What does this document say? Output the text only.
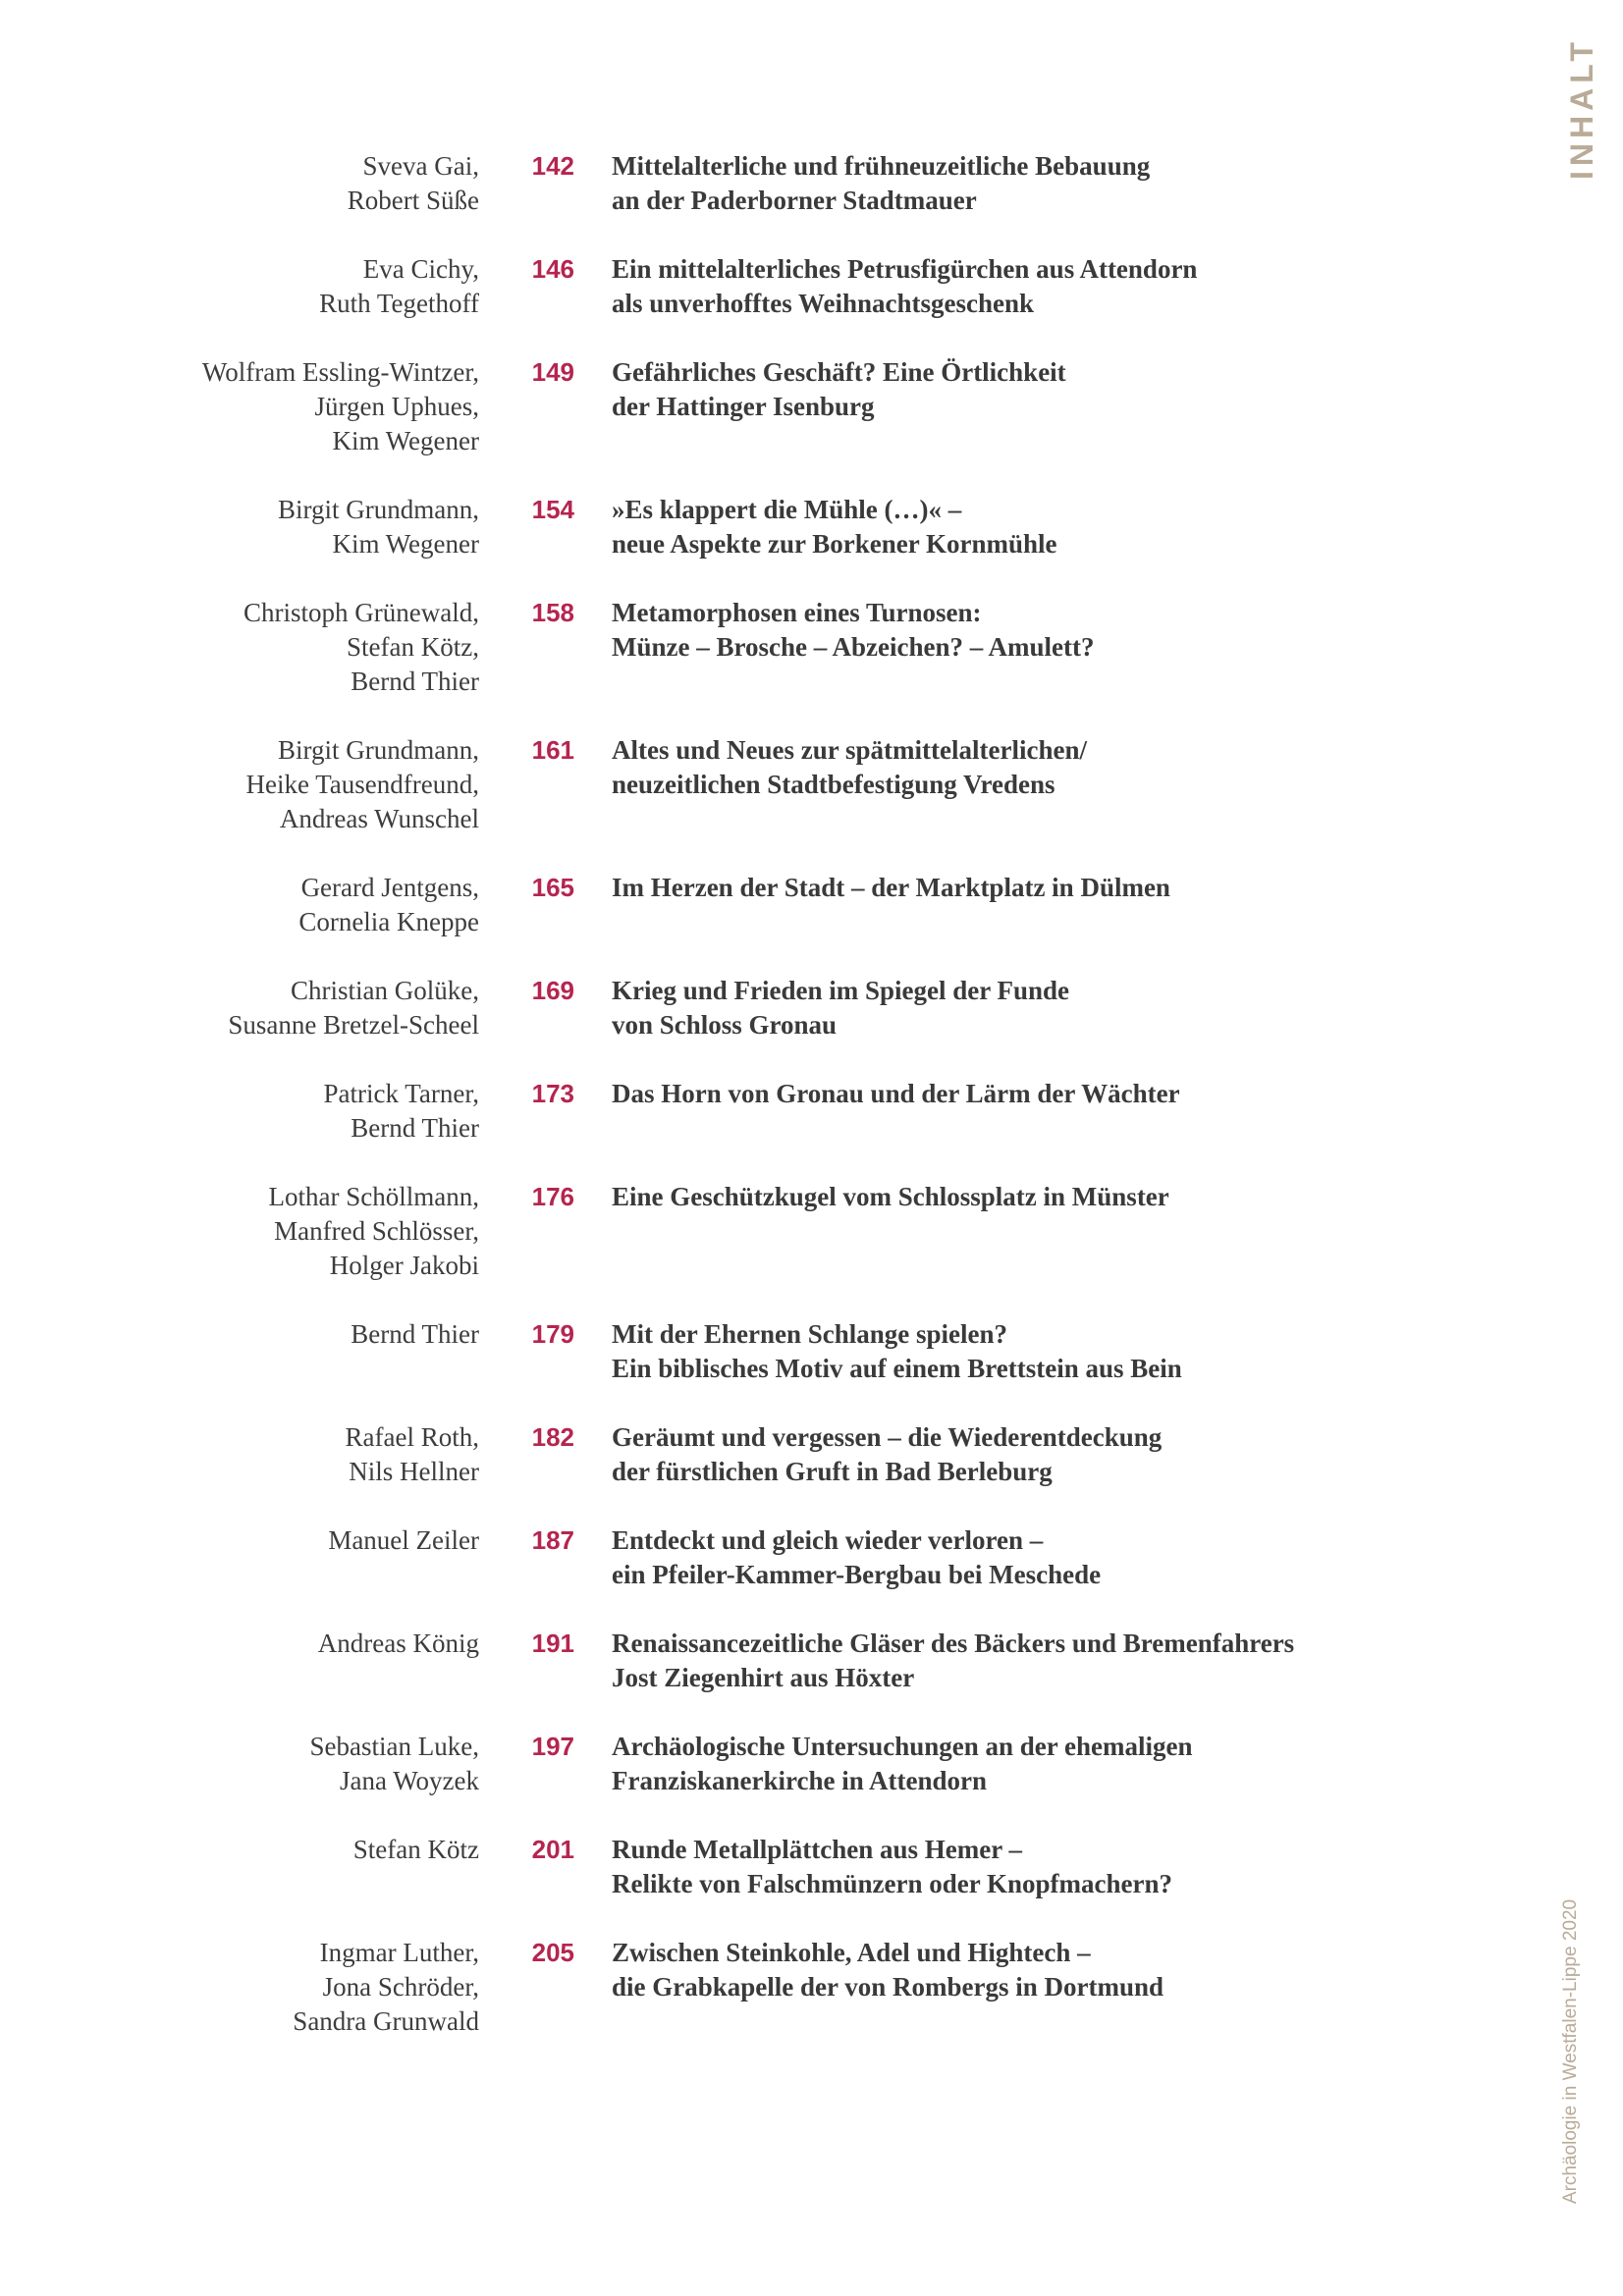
INHALT
Sveva Gai,
Robert Süße
142 Mittelalterliche und frühneuzeitliche Bebauung
an der Paderborner Stadtmauer
Eva Cichy,
Ruth Tegethoff
146 Ein mittelalterliches Petrusfigürchen aus Attendorn
als unverhofftes Weihnachtsgeschenk
Wolfram Essling-Wintzer,
Jürgen Uphues,
Kim Wegener
149 Gefährliches Geschäft? Eine Örtlichkeit
der Hattinger Isenburg
Birgit Grundmann,
Kim Wegener
154 »Es klappert die Mühle (…)« –
neue Aspekte zur Borkener Kornmühle
Christoph Grünewald,
Stefan Kötz,
Bernd Thier
158 Metamorphosen eines Turnosen:
Münze – Brosche – Abzeichen? – Amulett?
Birgit Grundmann,
Heike Tausendfreund,
Andreas Wunschel
161 Altes und Neues zur spätmittelalterlichen/
neuzeitlichen Stadtbefestigung Vredens
Gerard Jentgens,
Cornelia Kneppe
165 Im Herzen der Stadt – der Marktplatz in Dülmen
Christian Golüke,
Susanne Bretzel-Scheel
169 Krieg und Frieden im Spiegel der Funde
von Schloss Gronau
Patrick Tarner,
Bernd Thier
173 Das Horn von Gronau und der Lärm der Wächter
Lothar Schöllmann,
Manfred Schlösser,
Holger Jakobi
176 Eine Geschützkugel vom Schlossplatz in Münster
Bernd Thier	179 Mit der Ehernen Schlange spielen?
Ein biblisches Motiv auf einem Brettstein aus Bein
Rafael Roth,
Nils Hellner
182 Geräumt und vergessen – die Wiederentdeckung
der fürstlichen Gruft in Bad Berleburg
Manuel Zeiler	187 Entdeckt und gleich wieder verloren –
ein Pfeiler-Kammer-Bergbau bei Meschede
Andreas König	191 Renaissancezeitliche Gläser des Bäckers und Bremenfahrers
Jost Ziegenhirt aus Höxter
Sebastian Luke,
Jana Woyzek
197 Archäologische Untersuchungen an der ehemaligen
Franziskanerkirche in Attendorn
Stefan Kötz	201 Runde Metallplättchen aus Hemer –
Relikte von Falschmünzern oder Knopfmachern?
Ingmar Luther,
Jona Schröder,
Sandra Grunwald
205 Zwischen Steinkohle, Adel und Hightech –
die Grabkapelle der von Rombergs in Dortmund	Archäologie in Westfalen-Lippe 2020
